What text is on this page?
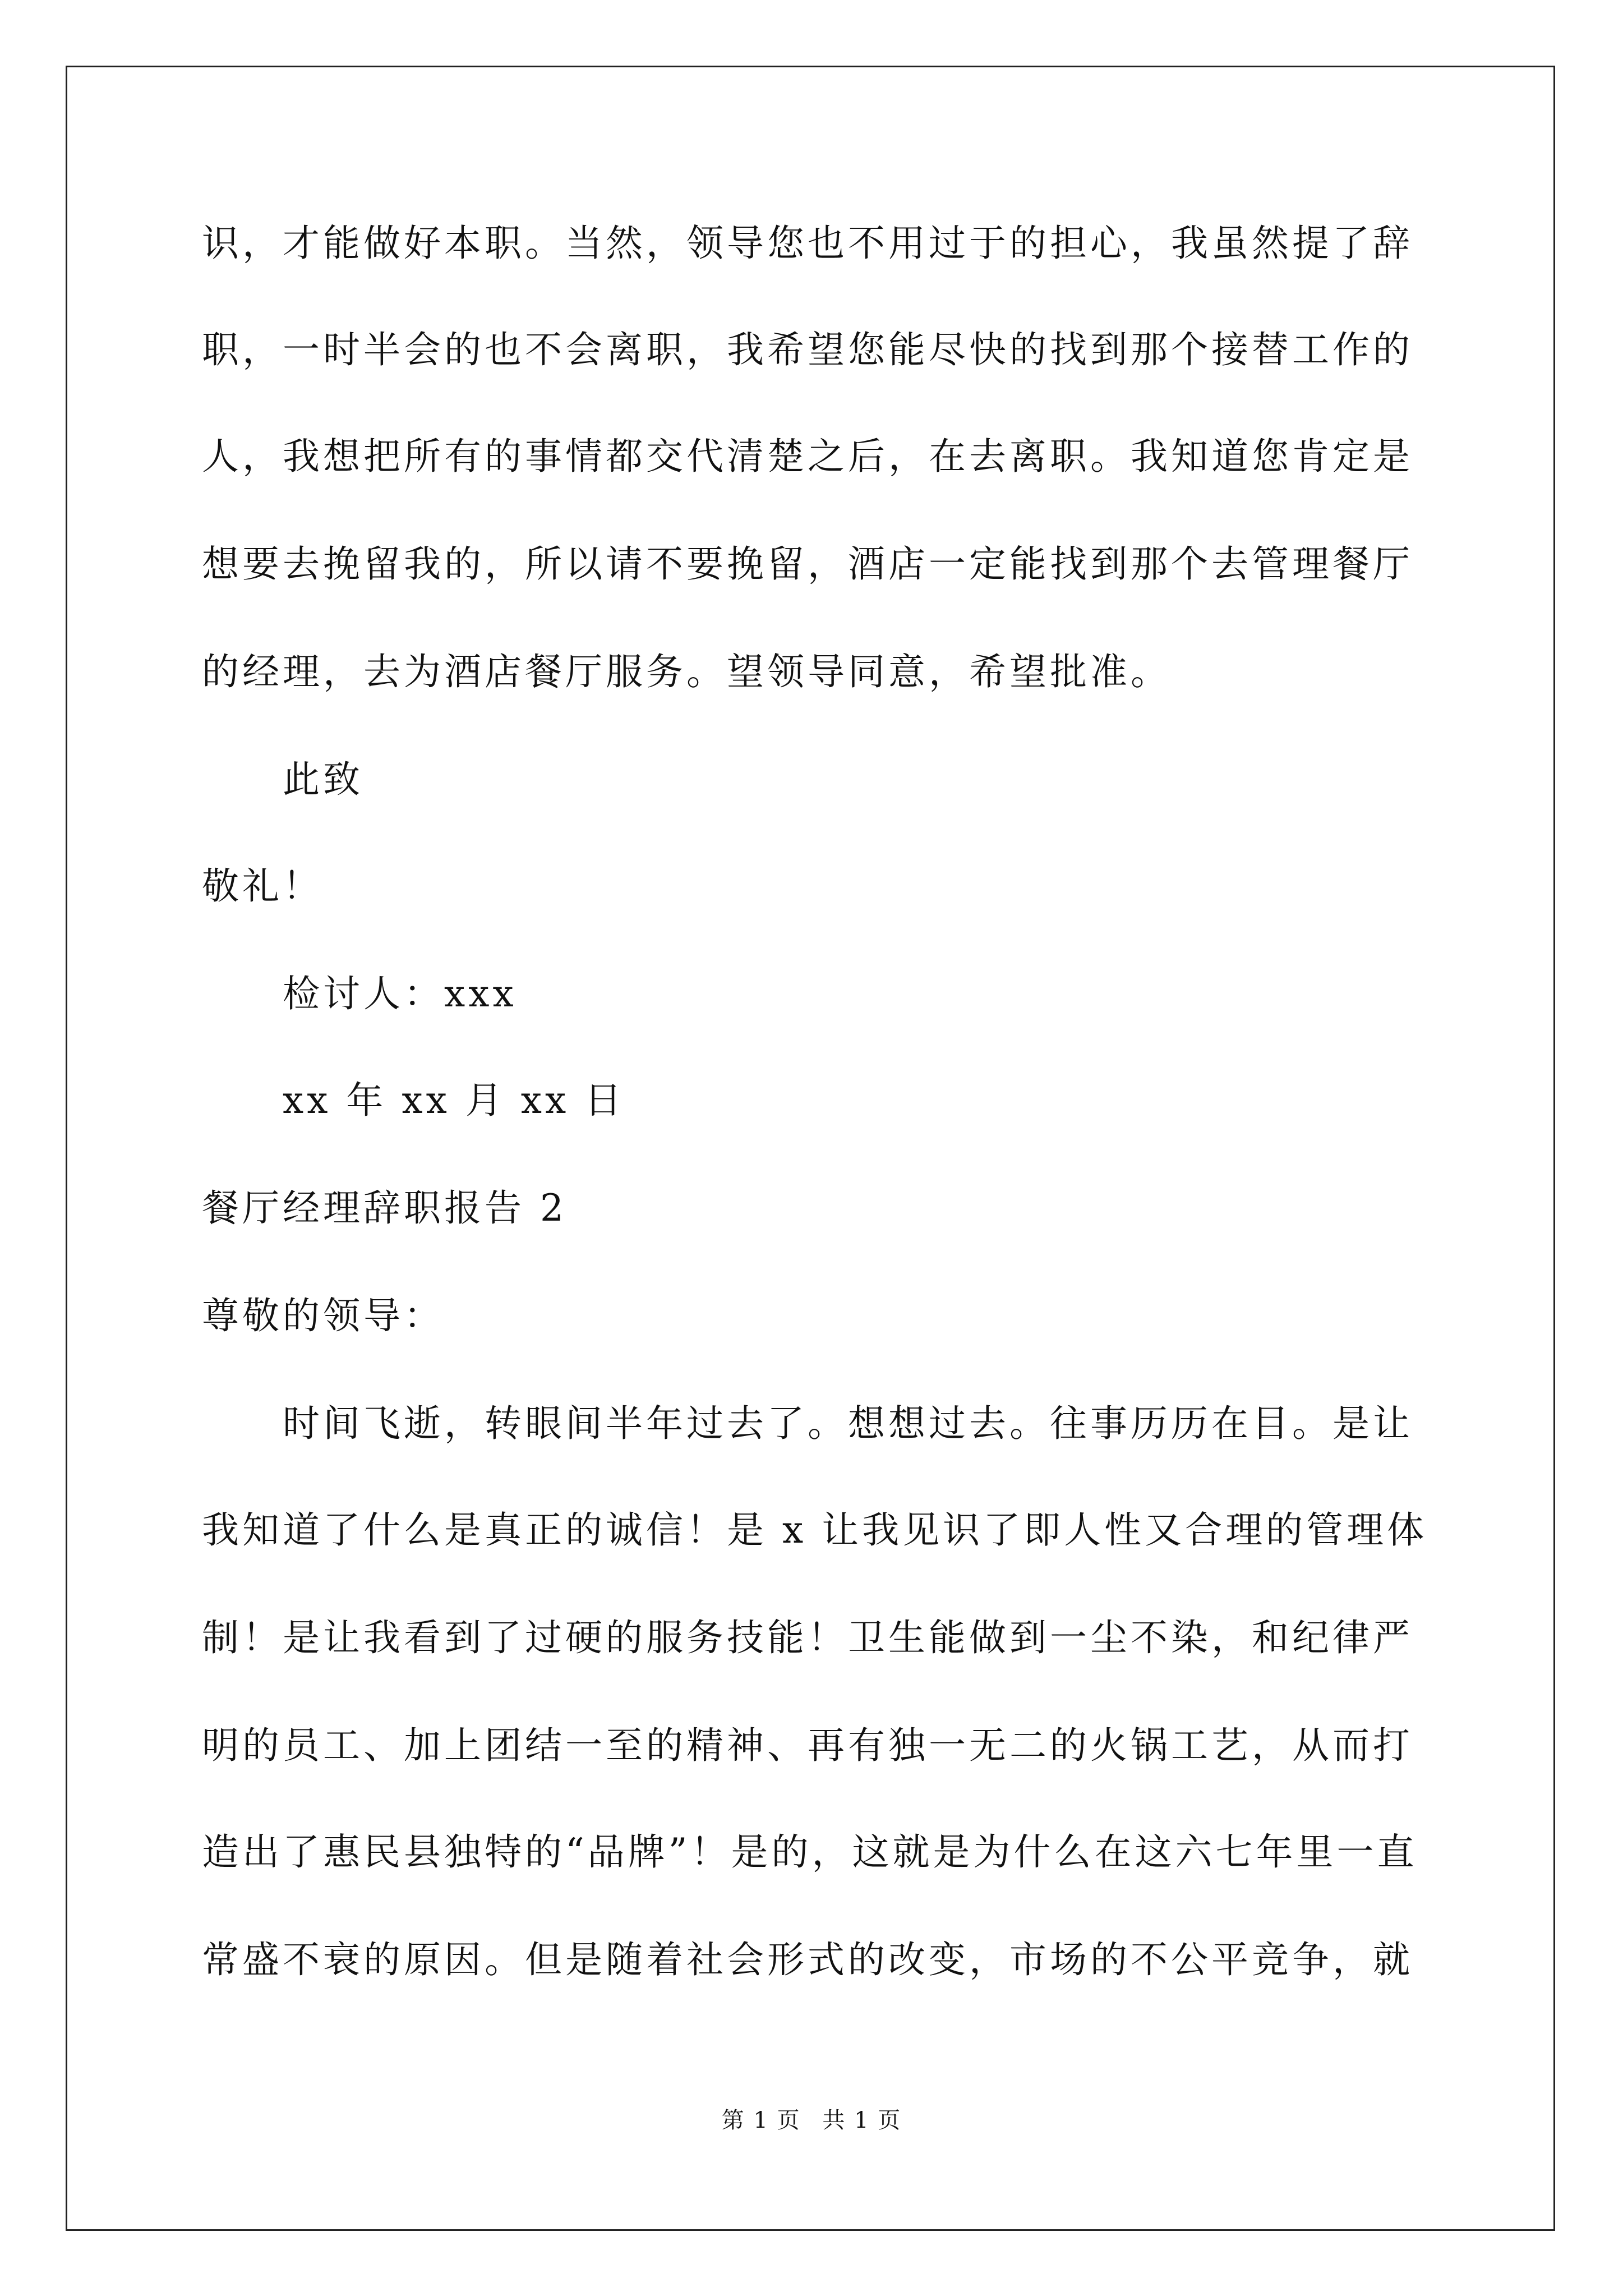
识，才能做好本职。当然，领导您也不用过于的担心，我虽然提了辞
职，一时半会的也不会离职，我希望您能尽快的找到那个接替工作的
人，我想把所有的事情都交代清楚之后，在去离职。我知道您肯定是
想要去挽留我的，所以请不要挽留，酒店一定能找到那个去管理餐厅
的经理，去为酒店餐厅服务。望领导同意，希望批准。
此致
敬礼！
检讨人：xxx
xx 年 xx 月 xx 日
餐厅经理辞职报告 2
尊敬的领导：
时间飞逝，转眼间半年过去了。想想过去。往事历历在目。是让
我知道了什么是真正的诚信！是 x 让我见识了即人性又合理的管理体
制！是让我看到了过硬的服务技能！卫生能做到一尘不染，和纪律严
明的员工、加上团结一至的精神、再有独一无二的火锅工艺，从而打
造出了惠民县独特的“品牌”！是的，这就是为什么在这六七年里一直
常盛不衰的原因。但是随着社会形式的改变，市场的不公平竞争，就
第 1 页 共 1 页
